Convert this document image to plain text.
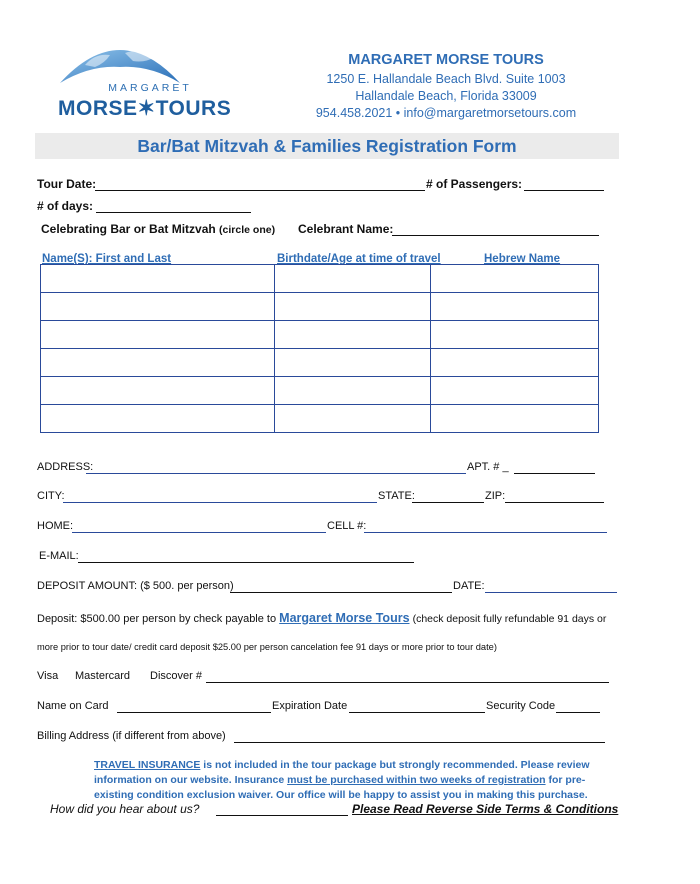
MARGARET
MORSE✶TOURS
MARGARET MORSE TOURS
1250 E. Hallandale Beach Blvd. Suite 1003
Hallandale Beach, Florida 33009
954.458.2021 • info@margaretmorsetours.com
Bar/Bat Mitzvah & Families Registration Form
Tour Date:	# of Passengers:
# of days:
Celebrating Bar or Bat Mitzvah (circle one) Celebrant Name:
Name(S): First and Last	Birthdate/Age at time of travel	Hebrew Name

ADDRESS:	APT. # _
CITY:	STATE:	ZIP:
HOME:	CELL #:
E-MAIL:
DEPOSIT AMOUNT: ($ 500. per person)	DATE:
Deposit: $500.00 per person by check payable to Margaret Morse Tours (check deposit fully refundable 91 days or
more prior to tour date/ credit card deposit $25.00 per person cancelation fee 91 days or more prior to tour date)
Visa Mastercard Discover #
Name on Card	Expiration Date	Security Code
Billing Address (if different from above)
TRAVEL INSURANCE is not included in the tour package but strongly recommended. Please review information on our website. Insurance must be purchased within two weeks of registration for pre-existing condition exclusion waiver. Our office will be happy to assist you in making this purchase.
How did you hear about us?	Please Read Reverse Side Terms & Conditions
